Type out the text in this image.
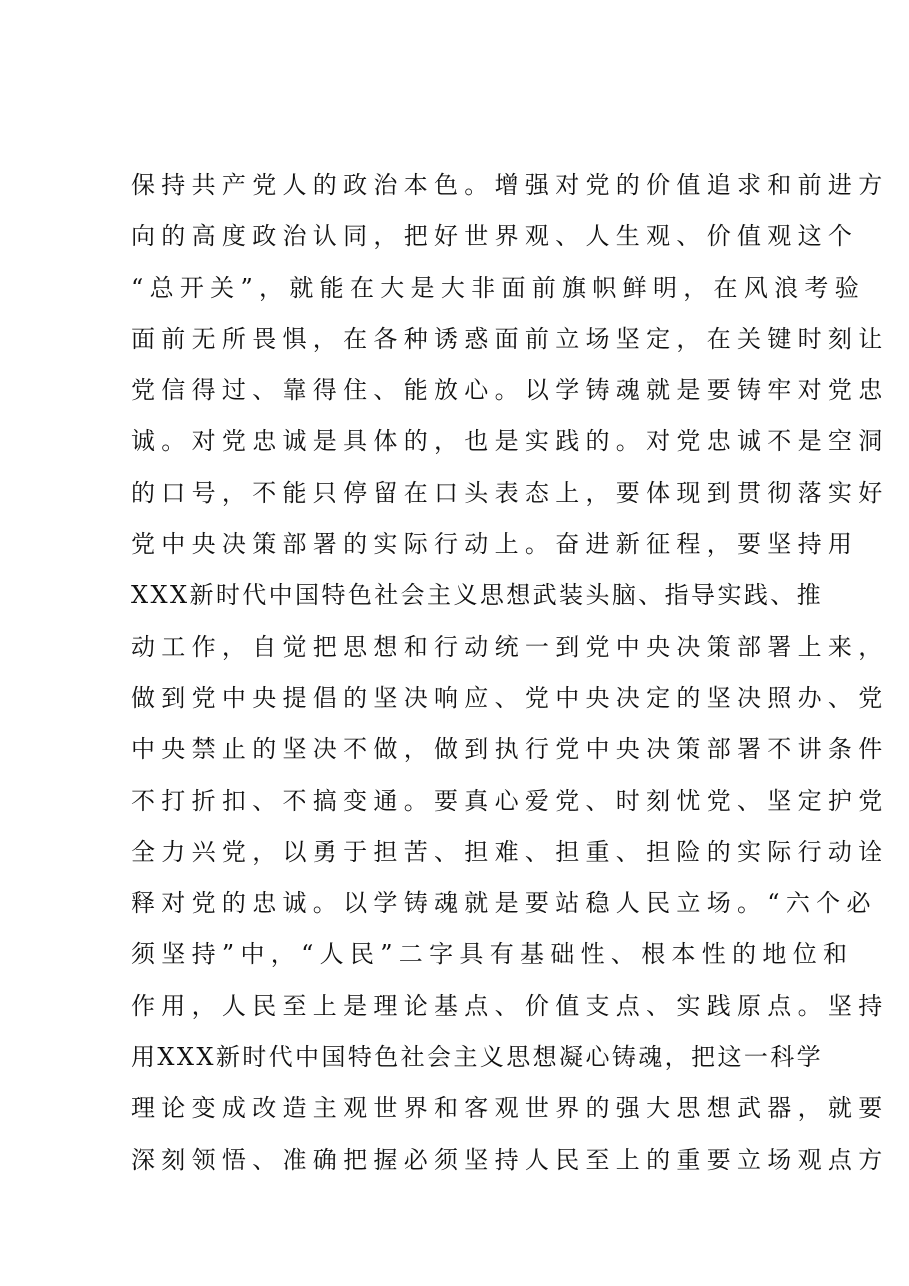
保持共产党人的政治本色。增强对党的价值追求和前进方
向的高度政治认同，把好世界观、人生观、价值观这个
“总开关”，就能在大是大非面前旗帜鲜明，在风浪考验
面前无所畏惧，在各种诱惑面前立场坚定，在关键时刻让
党信得过、靠得住、能放心。以学铸魂就是要铸牢对党忠
诚。对党忠诚是具体的，也是实践的。对党忠诚不是空洞
的口号，不能只停留在口头表态上，要体现到贯彻落实好
党中央决策部署的实际行动上。奋进新征程，要坚持用
XXX新时代中国特色社会主义思想武装头脑、指导实践、推
动工作，自觉把思想和行动统一到党中央决策部署上来，
做到党中央提倡的坚决响应、党中央决定的坚决照办、党
中央禁止的坚决不做，做到执行党中央决策部署不讲条件
不打折扣、不搞变通。要真心爱党、时刻忧党、坚定护党
全力兴党，以勇于担苦、担难、担重、担险的实际行动诠
释对党的忠诚。以学铸魂就是要站稳人民立场。“六个必
须坚持”中，“人民”二字具有基础性、根本性的地位和
作用，人民至上是理论基点、价值支点、实践原点。坚持
用XXX新时代中国特色社会主义思想凝心铸魂，把这一科学
理论变成改造主观世界和客观世界的强大思想武器，就要
深刻领悟、准确把握必须坚持人民至上的重要立场观点方
